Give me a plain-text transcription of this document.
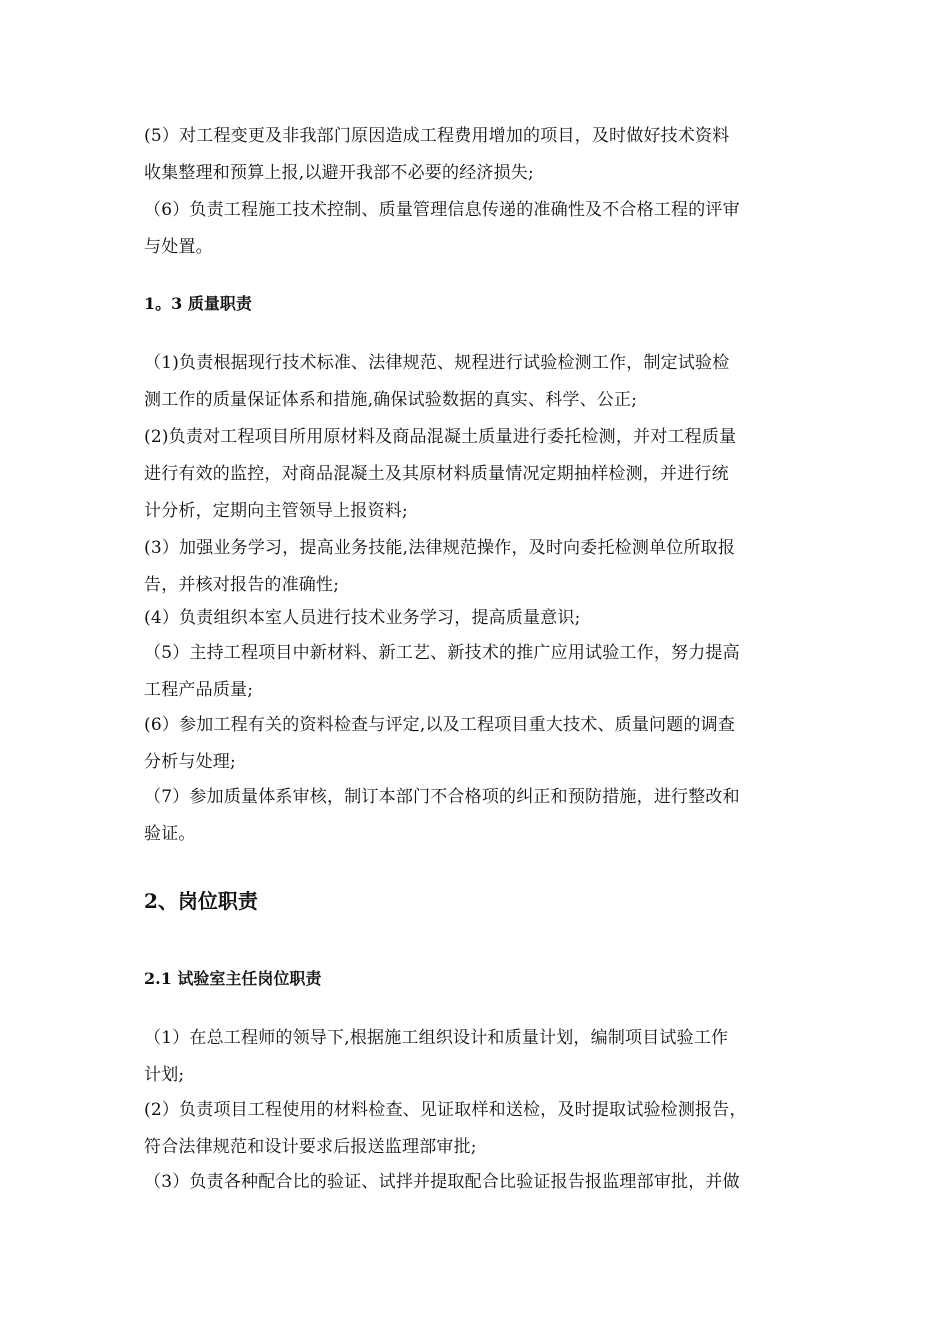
(5）对工程变更及非我部门原因造成工程费用增加的项目，及时做好技术资料
收集整理和预算上报,以避开我部不必要的经济损失;
（6）负责工程施工技术控制、质量管理信息传递的准确性及不合格工程的评审
与处置。
1。3 质量职责
（1)负责根据现行技术标准、法律规范、规程进行试验检测工作，制定试验检
测工作的质量保证体系和措施,确保试验数据的真实、科学、公正;
(2)负责对工程项目所用原材料及商品混凝土质量进行委托检测，并对工程质量
进行有效的监控，对商品混凝土及其原材料质量情况定期抽样检测，并进行统
计分析，定期向主管领导上报资料;
(3）加强业务学习，提高业务技能,法律规范操作，及时向委托检测单位所取报
告，并核对报告的准确性;
(4）负责组织本室人员进行技术业务学习，提高质量意识;
（5）主持工程项目中新材料、新工艺、新技术的推广应用试验工作，努力提高
工程产品质量;
(6）参加工程有关的资料检查与评定,以及工程项目重大技术、质量问题的调查
分析与处理;
（7）参加质量体系审核，制订本部门不合格项的纠正和预防措施，进行整改和
验证。
2、岗位职责
2.1 试验室主任岗位职责
（1）在总工程师的领导下,根据施工组织设计和质量计划，编制项目试验工作
计划;
(2）负责项目工程使用的材料检查、见证取样和送检，及时提取试验检测报告，
符合法律规范和设计要求后报送监理部审批;
（3）负责各种配合比的验证、试拌并提取配合比验证报告报监理部审批，并做
